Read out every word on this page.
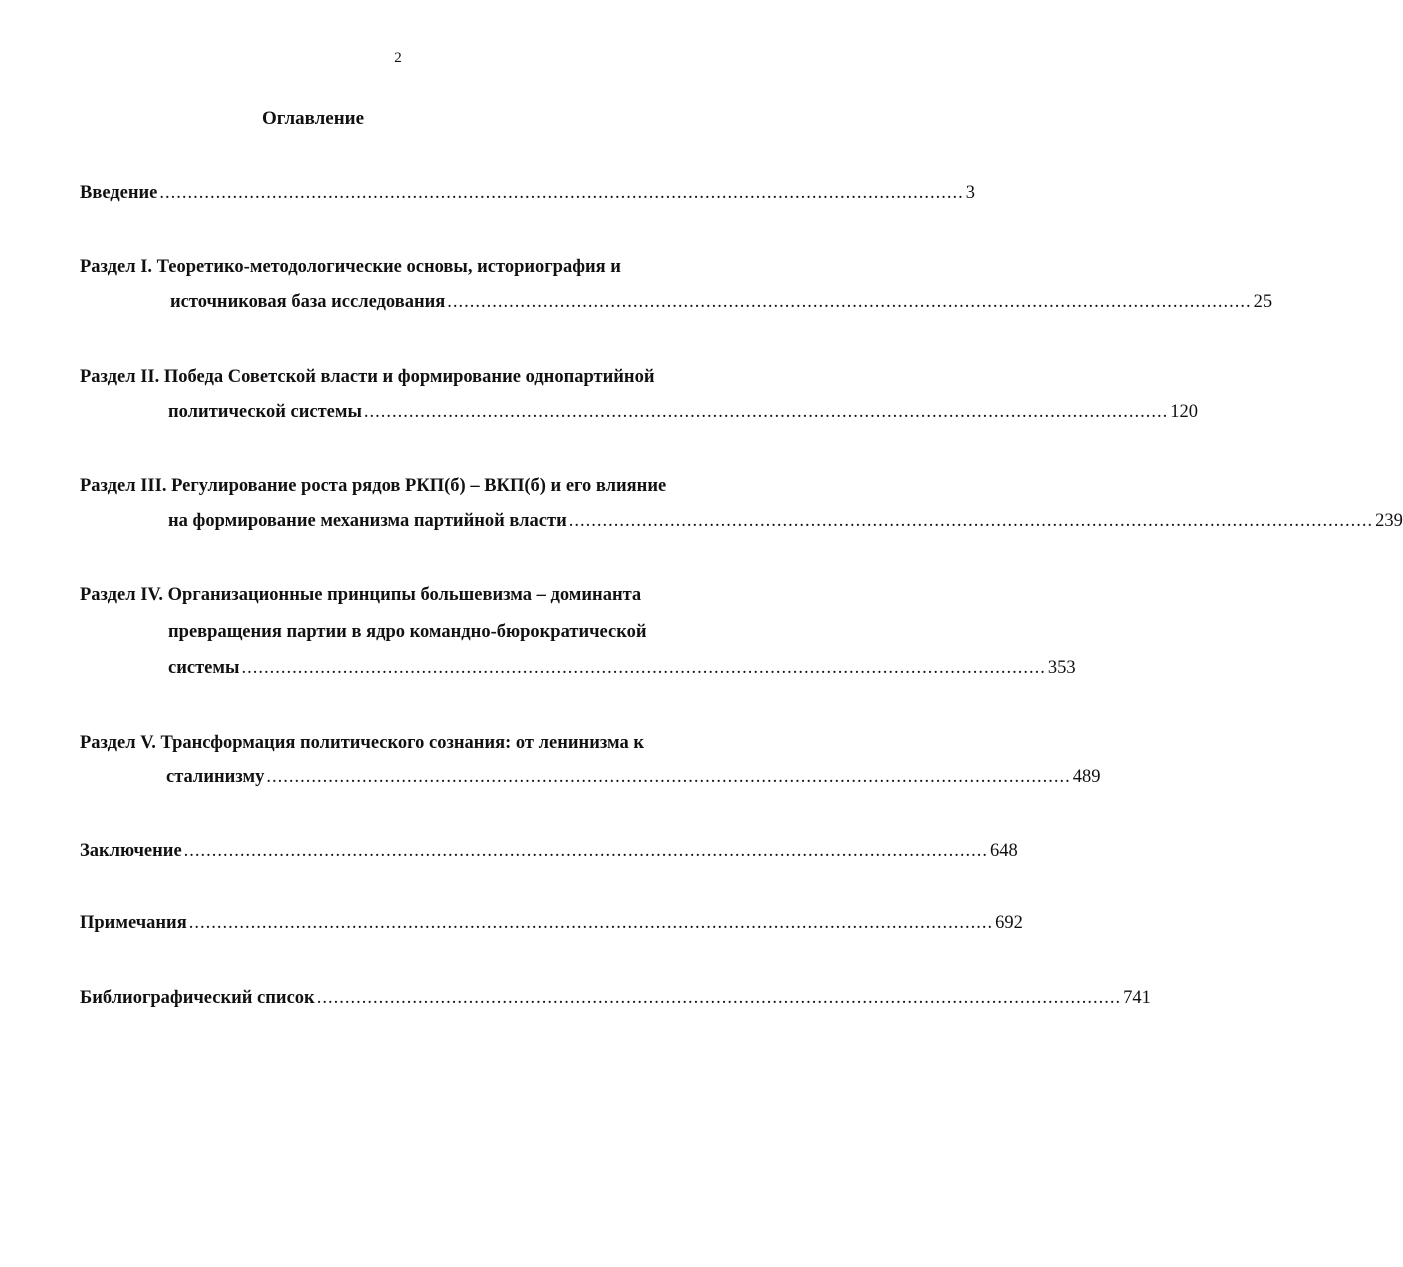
2
Оглавление
Введение ............................................................................................................................................... 3
Раздел I. Теоретико-методологические основы, историография и
источниковая база исследования ............................................................................................................................................... 25
Раздел II. Победа Советской власти и формирование однопартийной
политической системы ............................................................................................................................................... 120
Раздел III. Регулирование роста рядов РКП(б) – ВКП(б) и его влияние
на формирование механизма партийной власти ............................................................................................................................................... 239
Раздел IV. Организационные принципы большевизма – доминанта
превращения партии в ядро командно-бюрократической
системы ............................................................................................................................................... 353
Раздел V. Трансформация политического сознания: от ленинизма к
сталинизму ............................................................................................................................................... 489
Заключение ............................................................................................................................................... 648
Примечания ............................................................................................................................................... 692
Библиографический список ............................................................................................................................................... 741
